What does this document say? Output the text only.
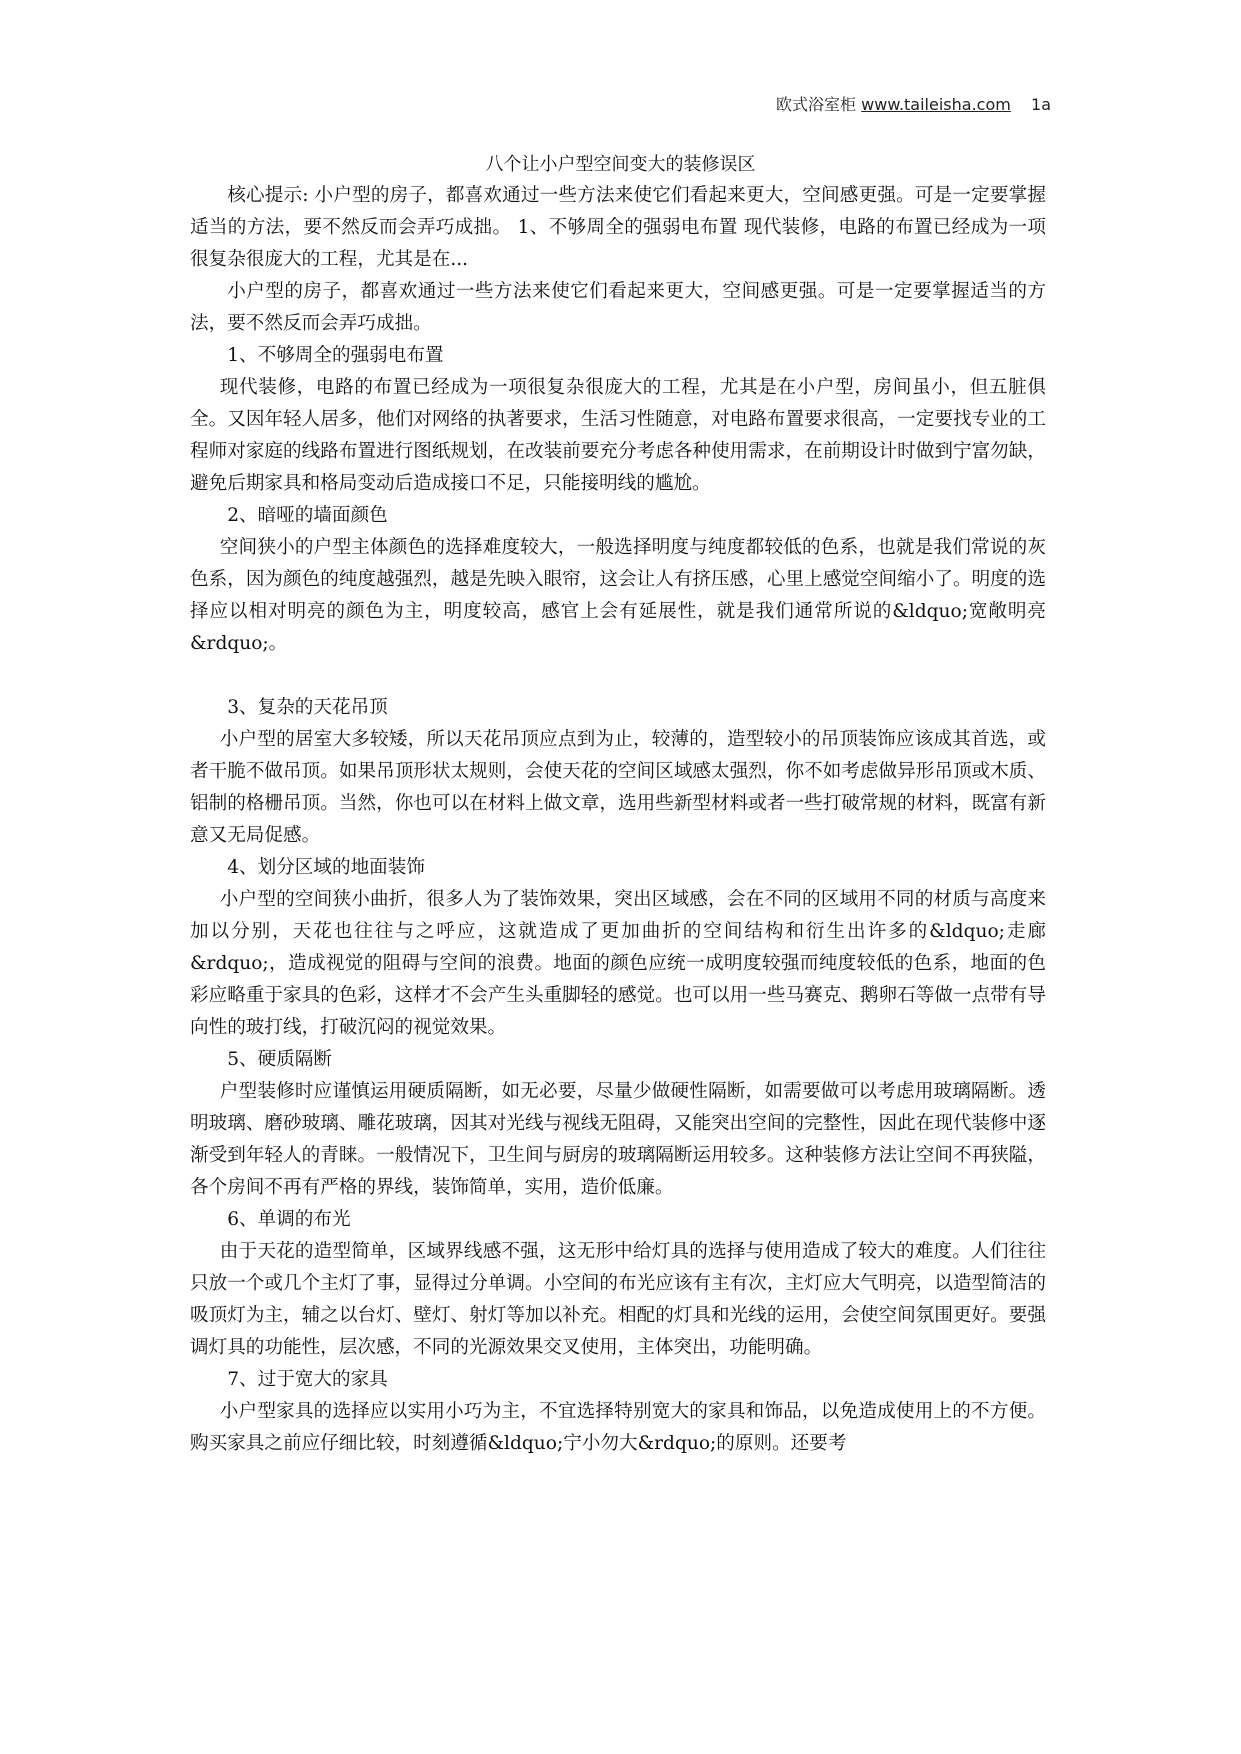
欧式浴室柜 www.taileisha.com 1a
八个让小户型空间变大的装修误区

核心提示: 小户型的房子，都喜欢通过一些方法来使它们看起来更大，空间感更强。可是一定要掌握适当的方法，要不然反而会弄巧成拙。 1、不够周全的强弱电布置 现代装修，电路的布置已经成为一项很复杂很庞大的工程，尤其是在...

小户型的房子，都喜欢通过一些方法来使它们看起来更大，空间感更强。可是一定要掌握适当的方法，要不然反而会弄巧成拙。

1、不够周全的强弱电布置

现代装修，电路的布置已经成为一项很复杂很庞大的工程，尤其是在小户型，房间虽小，但五脏俱全。又因年轻人居多，他们对网络的执著要求，生活习性随意，对电路布置要求很高，一定要找专业的工程师对家庭的线路布置进行图纸规划，在改装前要充分考虑各种使用需求，在前期设计时做到宁富勿缺，避免后期家具和格局变动后造成接口不足，只能接明线的尴尬。

2、暗哑的墙面颜色

空间狭小的户型主体颜色的选择难度较大，一般选择明度与纯度都较低的色系，也就是我们常说的灰色系，因为颜色的纯度越强烈，越是先映入眼帘，这会让人有挤压感，心里上感觉空间缩小了。明度的选择应以相对明亮的颜色为主，明度较高，感官上会有延展性，就是我们通常所说的&ldquo;宽敞明亮&rdquo;。

3、复杂的天花吊顶

小户型的居室大多较矮，所以天花吊顶应点到为止，较薄的，造型较小的吊顶装饰应该成其首选，或者干脆不做吊顶。如果吊顶形状太规则，会使天花的空间区域感太强烈，你不如考虑做异形吊顶或木质、铝制的格栅吊顶。当然，你也可以在材料上做文章，选用些新型材料或者一些打破常规的材料，既富有新意又无局促感。

4、划分区域的地面装饰

小户型的空间狭小曲折，很多人为了装饰效果，突出区域感，会在不同的区域用不同的材质与高度来加以分别，天花也往往与之呼应，这就造成了更加曲折的空间结构和衍生出许多的&ldquo;走廊&rdquo;，造成视觉的阻碍与空间的浪费。地面的颜色应统一成明度较强而纯度较低的色系，地面的色彩应略重于家具的色彩，这样才不会产生头重脚轻的感觉。也可以用一些马赛克、鹅卵石等做一点带有导向性的玻打线，打破沉闷的视觉效果。

5、硬质隔断

户型装修时应谨慎运用硬质隔断，如无必要，尽量少做硬性隔断，如需要做可以考虑用玻璃隔断。透明玻璃、磨砂玻璃、雕花玻璃，因其对光线与视线无阻碍，又能突出空间的完整性，因此在现代装修中逐渐受到年轻人的青睐。一般情况下，卫生间与厨房的玻璃隔断运用较多。这种装修方法让空间不再狭隘，各个房间不再有严格的界线，装饰简单，实用，造价低廉。

6、单调的布光

由于天花的造型简单，区域界线感不强，这无形中给灯具的选择与使用造成了较大的难度。人们往往只放一个或几个主灯了事，显得过分单调。小空间的布光应该有主有次，主灯应大气明亮，以造型简洁的吸顶灯为主，辅之以台灯、壁灯、射灯等加以补充。相配的灯具和光线的运用，会使空间氛围更好。要强调灯具的功能性，层次感，不同的光源效果交叉使用，主体突出，功能明确。

7、过于宽大的家具

小户型家具的选择应以实用小巧为主，不宜选择特别宽大的家具和饰品，以免造成使用上的不方便。购买家具之前应仔细比较，时刻遵循&ldquo;宁小勿大&rdquo;的原则。还要考
